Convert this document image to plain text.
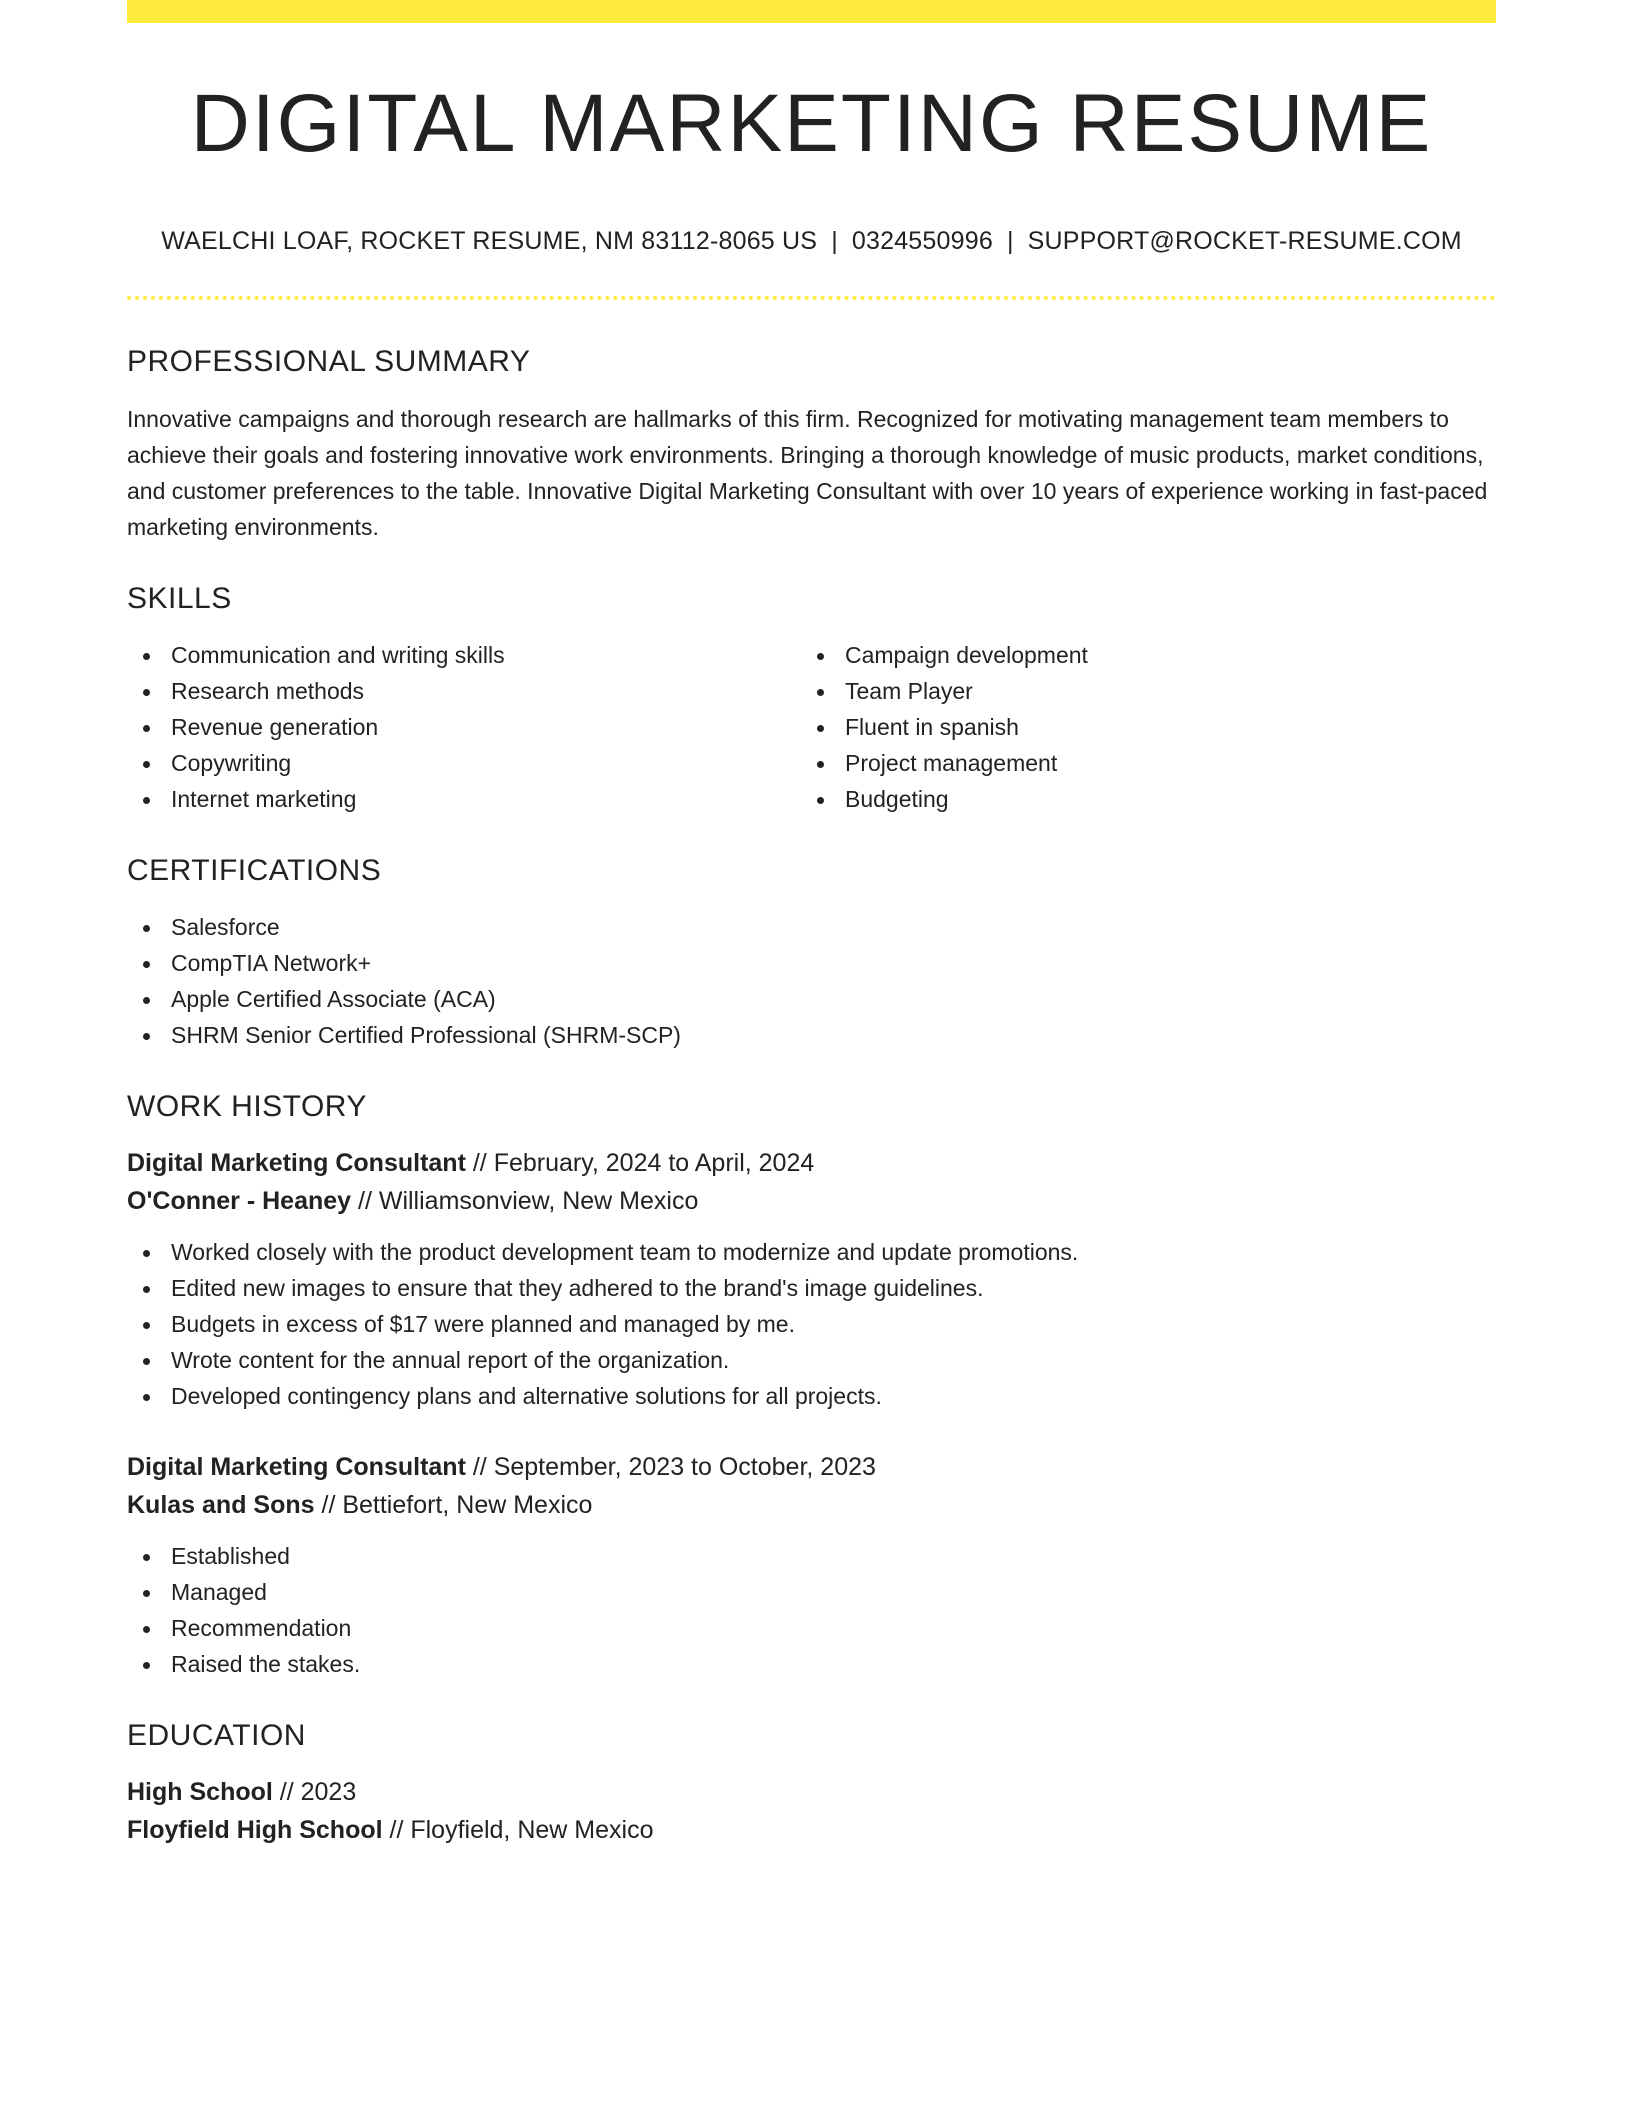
DIGITAL MARKETING RESUME
WAELCHI LOAF, ROCKET RESUME, NM 83112-8065 US | 0324550996 | SUPPORT@ROCKET-RESUME.COM
PROFESSIONAL SUMMARY

Innovative campaigns and thorough research are hallmarks of this firm. Recognized for motivating management team members to achieve their goals and fostering innovative work environments. Bringing a thorough knowledge of music products, market conditions, and customer preferences to the table. Innovative Digital Marketing Consultant with over 10 years of experience working in fast-paced marketing environments.

SKILLS
Communication and writing skills
Research methods
Revenue generation
Copywriting
Internet marketing
Campaign development
Team Player
Fluent in spanish
Project management
Budgeting
CERTIFICATIONS
Salesforce
CompTIA Network+
Apple Certified Associate (ACA)
SHRM Senior Certified Professional (SHRM-SCP)
WORK HISTORY
Digital Marketing Consultant // February, 2024 to April, 2024
O'Conner - Heaney // Williamsonview, New Mexico
Worked closely with the product development team to modernize and update promotions.
Edited new images to ensure that they adhered to the brand's image guidelines.
Budgets in excess of $17 were planned and managed by me.
Wrote content for the annual report of the organization.
Developed contingency plans and alternative solutions for all projects.
Digital Marketing Consultant // September, 2023 to October, 2023
Kulas and Sons // Bettiefort, New Mexico
Established
Managed
Recommendation
Raised the stakes.
EDUCATION
High School // 2023
Floyfield High School // Floyfield, New Mexico
